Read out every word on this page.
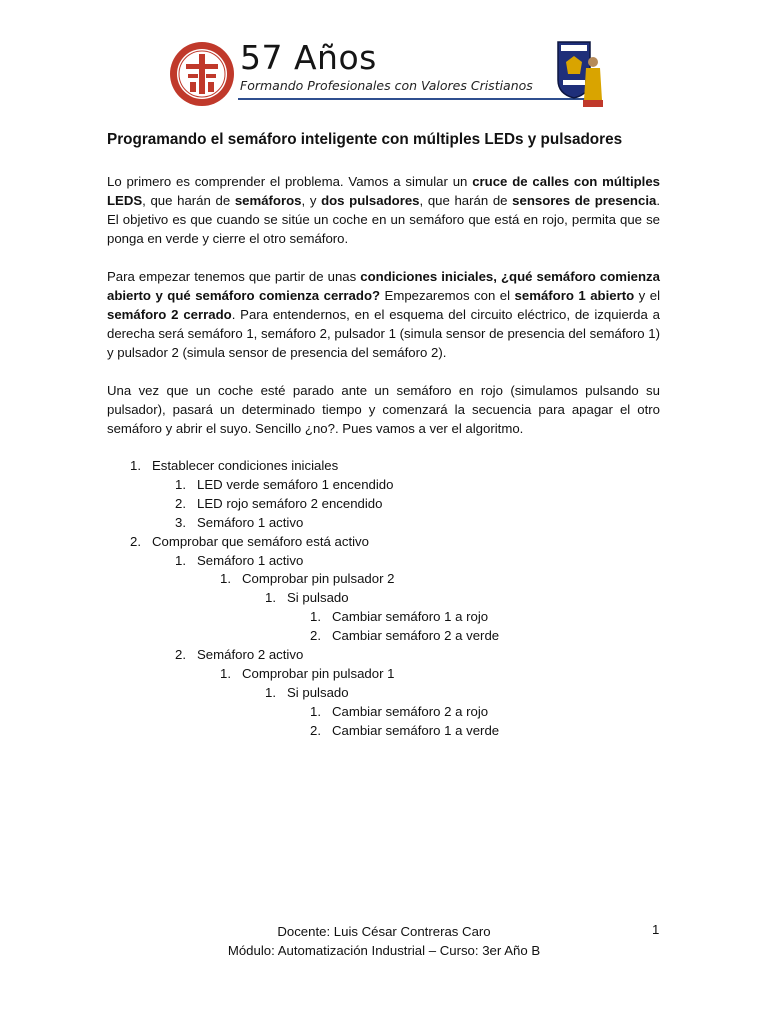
57 Años
Formando Profesionales con Valores Cristianos
Programando el semáforo inteligente con múltiples LEDs y pulsadores

Lo primero es comprender el problema. Vamos a simular un cruce de calles con múltiples LEDS, que harán de semáforos, y dos pulsadores, que harán de sensores de presencia. El objetivo es que cuando se sitúe un coche en un semáforo que está en rojo, permita que se ponga en verde y cierre el otro semáforo.

Para empezar tenemos que partir de unas condiciones iniciales, ¿qué semáforo comienza abierto y qué semáforo comienza cerrado? Empezaremos con el semáforo 1 abierto y el semáforo 2 cerrado. Para entendernos, en el esquema del circuito eléctrico, de izquierda a derecha será semáforo 1, semáforo 2, pulsador 1 (simula sensor de presencia del semáforo 1) y pulsador 2 (simula sensor de presencia del semáforo 2).

Una vez que un coche esté parado ante un semáforo en rojo (simulamos pulsando su pulsador), pasará un determinado tiempo y comenzará la secuencia para apagar el otro semáforo y abrir el suyo. Sencillo ¿no?. Pues vamos a ver el algoritmo.

1. Establecer condiciones iniciales
1. LED verde semáforo 1 encendido
2. LED rojo semáforo 2 encendido
3. Semáforo 1 activo
2. Comprobar que semáforo está activo
1. Semáforo 1 activo
1. Comprobar pin pulsador 2
1. Si pulsado
1. Cambiar semáforo 1 a rojo
2. Cambiar semáforo 2 a verde
2. Semáforo 2 activo
1. Comprobar pin pulsador 1
1. Si pulsado
1. Cambiar semáforo 2 a rojo
2. Cambiar semáforo 1 a verde
Docente: Luis César Contreras Caro
Módulo: Automatización Industrial – Curso: 3er Año B
1
